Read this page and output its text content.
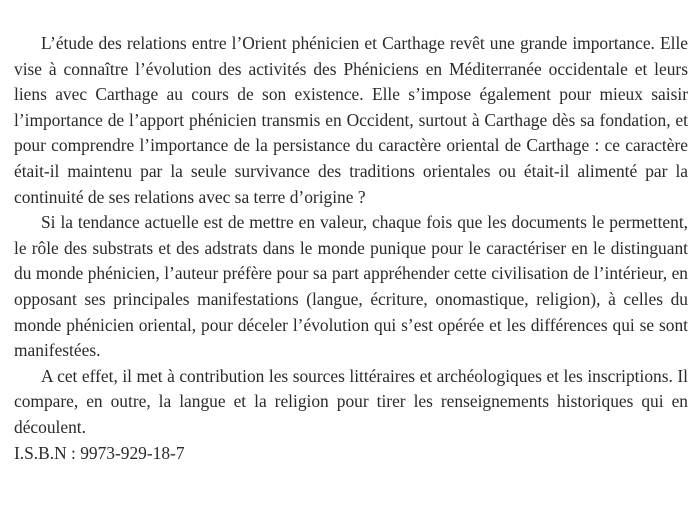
L’étude des relations entre l’Orient phénicien et Carthage revêt une grande importance. Elle vise à connaître l’évolution des activités des Phéniciens en Méditerranée occidentale et leurs liens avec Carthage au cours de son existence. Elle s’impose également pour mieux saisir l’importance de l’apport phénicien transmis en Occident, surtout à Carthage dès sa fondation, et pour comprendre l’importance de la persistance du caractère oriental de Carthage : ce caractère était-il maintenu par la seule survivance des traditions orientales ou était-il alimenté par la continuité de ses relations avec sa terre d’origine ?

Si la tendance actuelle est de mettre en valeur, chaque fois que les documents le permettent, le rôle des substrats et des adstrats dans le monde punique pour le caractériser en le distinguant du monde phénicien, l’auteur préfère pour sa part appréhender cette civilisation de l’intérieur, en opposant ses principales manifestations (langue, écriture, onomastique, religion), à celles du monde phénicien oriental, pour déceler l’évolution qui s’est opérée et les différences qui se sont manifestées.

A cet effet, il met à contribution les sources littéraires et archéologiques et les inscriptions. Il compare, en outre, la langue et la religion pour tirer les renseignements historiques qui en découlent.

I.S.B.N : 9973-929-18-7
